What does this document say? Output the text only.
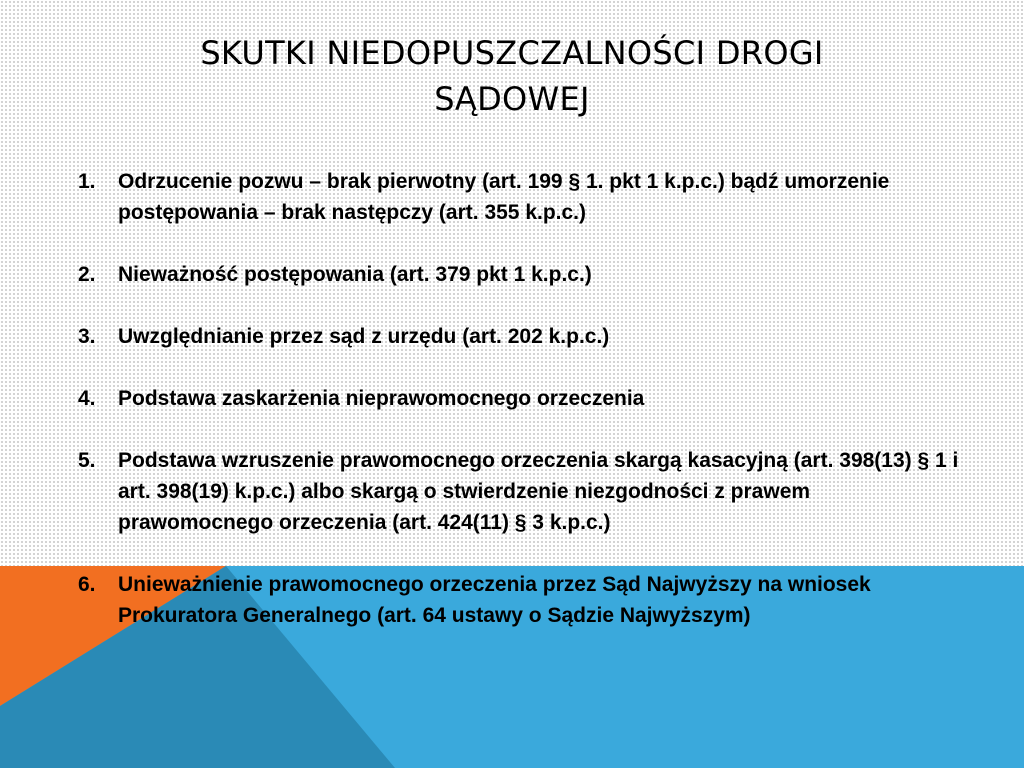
SKUTKI NIEDOPUSZCZALNOŚCI DROGI
SĄDOWEJ
1.	Odrzucenie pozwu – brak pierwotny (art. 199 § 1. pkt 1 k.p.c.) bądź umorzenie postępowania – brak następczy (art. 355 k.p.c.)
2.	Nieważność postępowania (art. 379 pkt 1 k.p.c.)
3.	Uwzględnianie przez sąd z urzędu (art. 202 k.p.c.)
4.	Podstawa zaskarżenia nieprawomocnego orzeczenia
5.	Podstawa wzruszenie prawomocnego orzeczenia skargą kasacyjną (art. 398(13) § 1 i art. 398(19) k.p.c.) albo skargą o stwierdzenie niezgodności z prawem prawomocnego orzeczenia (art. 424(11) § 3 k.p.c.)
6.	Unieważnienie prawomocnego orzeczenia przez Sąd Najwyższy na wniosek Prokuratora Generalnego (art. 64 ustawy o Sądzie Najwyższym)
